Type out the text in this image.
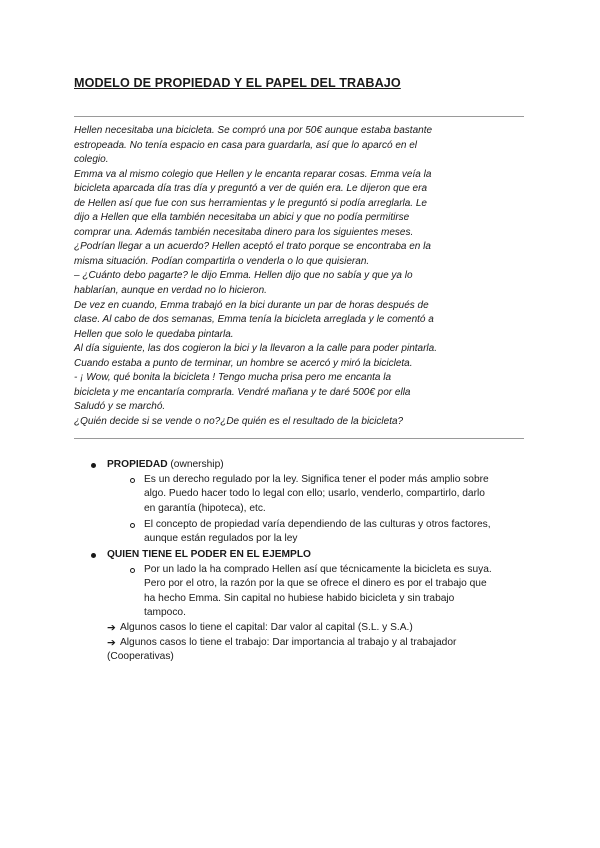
MODELO DE PROPIEDAD Y EL PAPEL DEL TRABAJO

Hellen necesitaba una bicicleta. Se compró una por 50€ aunque estaba bastante

estropeada. No tenía espacio en casa para guardarla, así que lo aparcó en el

colegio.

Emma va al mismo colegio que Hellen y le encanta reparar cosas. Emma veía la

bicicleta aparcada día tras día y preguntó a ver de quién era. Le dijeron que era

de Hellen así que fue con sus herramientas y le preguntó si podía arreglarla. Le

dijo a Hellen que ella también necesitaba un abici y que no podía permitirse

comprar una. Además también necesitaba dinero para los siguientes meses.

¿Podrían llegar a un acuerdo? Hellen aceptó el trato porque se encontraba en la

misma situación. Podían compartirla o venderla o lo que quisieran.

– ¿Cuánto debo pagarte? le dijo Emma. Hellen dijo que no sabía y que ya lo

hablarían, aunque en verdad no lo hicieron.

De vez en cuando, Emma trabajó en la bici durante un par de horas después de

clase. Al cabo de dos semanas, Emma tenía la bicicleta arreglada y le comentó a

Hellen que solo le quedaba pintarla.

Al día siguiente, las dos cogieron la bici y la llevaron a la calle para poder pintarla.

Cuando estaba a punto de terminar, un hombre se acercó y miró la bicicleta.

- ¡ Wow, qué bonita la bicicleta ! Tengo mucha prisa pero me encanta la

bicicleta y me encantaría comprarla. Vendré mañana y te daré 500€ por ella

Saludó y se marchó.

¿Quién decide si se vende o no?¿De quién es el resultado de la bicicleta?

PROPIEDAD (ownership)

Es un derecho regulado por la ley. Significa tener el poder más amplio sobre

algo. Puedo hacer todo lo legal con ello; usarlo, venderlo, compartirlo, darlo

en garantía (hipoteca), etc.

El concepto de propiedad varía dependiendo de las culturas y otros factores,

aunque están regulados por la ley

QUIEN TIENE EL PODER EN EL EJEMPLO

Por un lado la ha comprado Hellen así que técnicamente la bicicleta es suya.

Pero por el otro, la razón por la que se ofrece el dinero es por el trabajo que

ha hecho Emma. Sin capital no hubiese habido bicicleta y sin trabajo

tampoco.

➔ Algunos casos lo tiene el capital: Dar valor al capital (S.L. y S.A.)

➔ Algunos casos lo tiene el trabajo: Dar importancia al trabajo y al trabajador

(Cooperativas)
